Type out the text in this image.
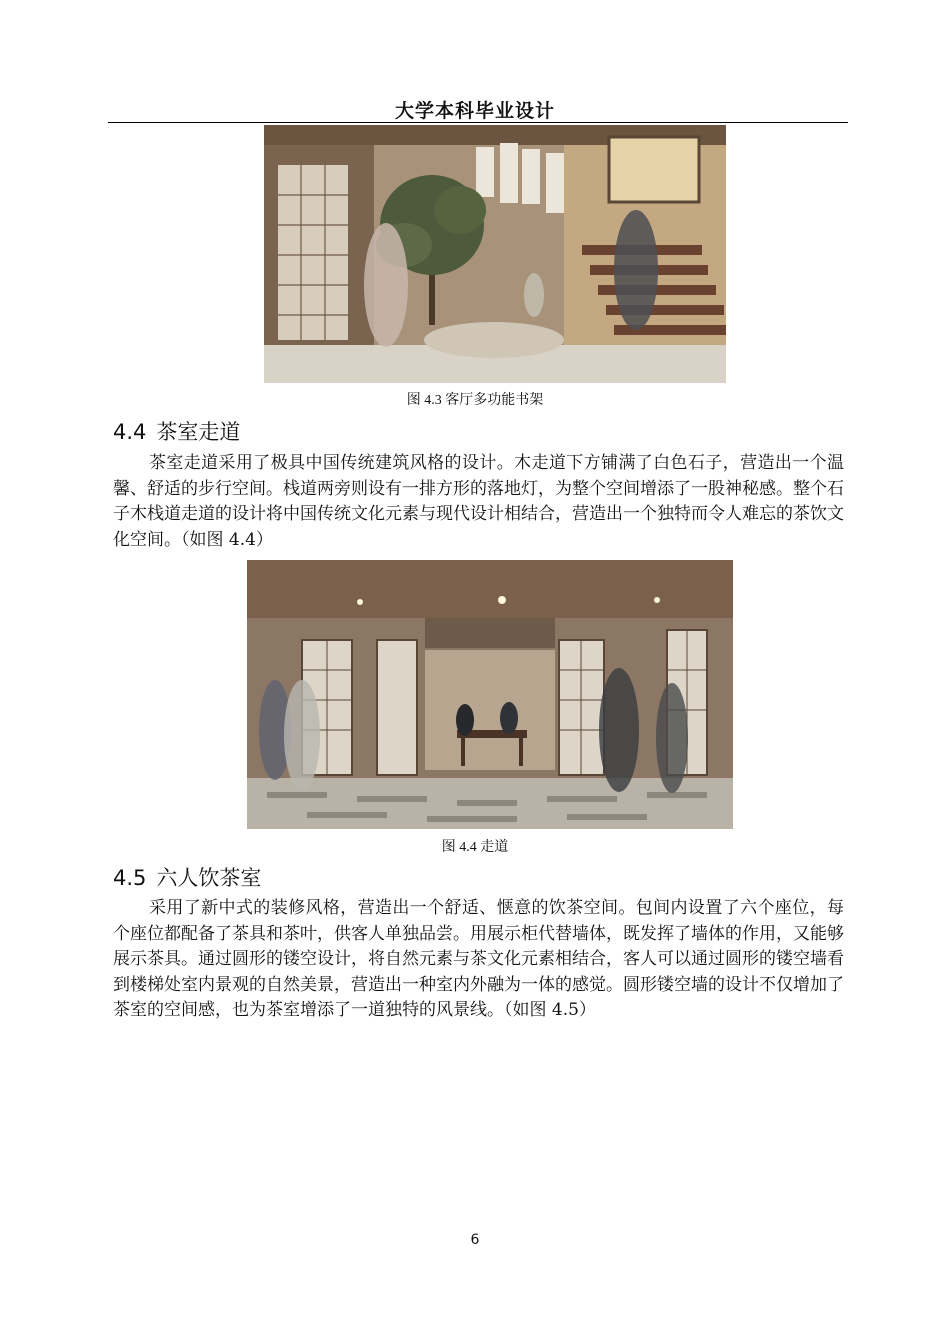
大学本科毕业设计
图 4.3 客厅多功能书架
4.4 茶室走道

茶室走道采用了极具中国传统建筑风格的设计。木走道下方铺满了白色石子，营造出一个温馨、舒适的步行空间。栈道两旁则设有一排方形的落地灯，为整个空间增添了一股神秘感。整个石子木栈道走道的设计将中国传统文化元素与现代设计相结合，营造出一个独特而令人难忘的茶饮文化空间。（如图 4.4）

图 4.4 走道
4.5 六人饮茶室

采用了新中式的装修风格，营造出一个舒适、惬意的饮茶空间。包间内设置了六个座位，每个座位都配备了茶具和茶叶，供客人单独品尝。用展示柜代替墙体，既发挥了墙体的作用，又能够展示茶具。通过圆形的镂空设计，将自然元素与茶文化元素相结合，客人可以通过圆形的镂空墙看到楼梯处室内景观的自然美景，营造出一种室内外融为一体的感觉。圆形镂空墙的设计不仅增加了茶室的空间感，也为茶室增添了一道独特的风景线。（如图 4.5）

6
